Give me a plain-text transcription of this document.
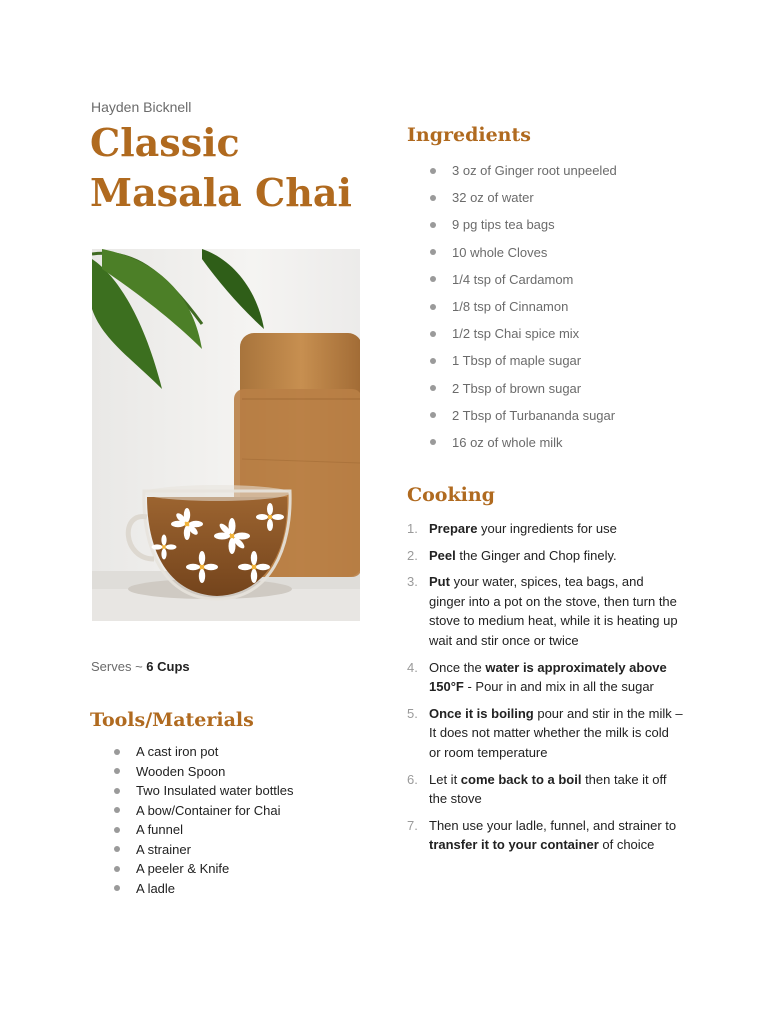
Hayden Bicknell
Classic Masala Chai
Serves ~ 6 Cups
Tools/Materials
A cast iron pot
Wooden Spoon
Two Insulated water bottles
A bow/Container for Chai
A funnel
A strainer
A peeler & Knife
A ladle
Ingredients
3 oz of Ginger root unpeeled
32 oz of water
9 pg tips tea bags
10 whole Cloves
1/4 tsp of Cardamom
1/8 tsp of Cinnamon
1/2 tsp Chai spice mix
1 Tbsp of maple sugar
2 Tbsp of brown sugar
2 Tbsp of Turbananda sugar
16 oz of whole milk
Cooking
1. Prepare your ingredients for use
2. Peel the Ginger and Chop finely.
3. Put your water, spices, tea bags, and ginger into a pot on the stove, then turn the stove to medium heat, while it is heating up wait and stir once or twice
4. Once the water is approximately above 150°F - Pour in and mix in all the sugar
5. Once it is boiling pour and stir in the milk – It does not matter whether the milk is cold or room temperature
6. Let it come back to a boil then take it off the stove
7. Then use your ladle, funnel, and strainer to transfer it to your container of choice
